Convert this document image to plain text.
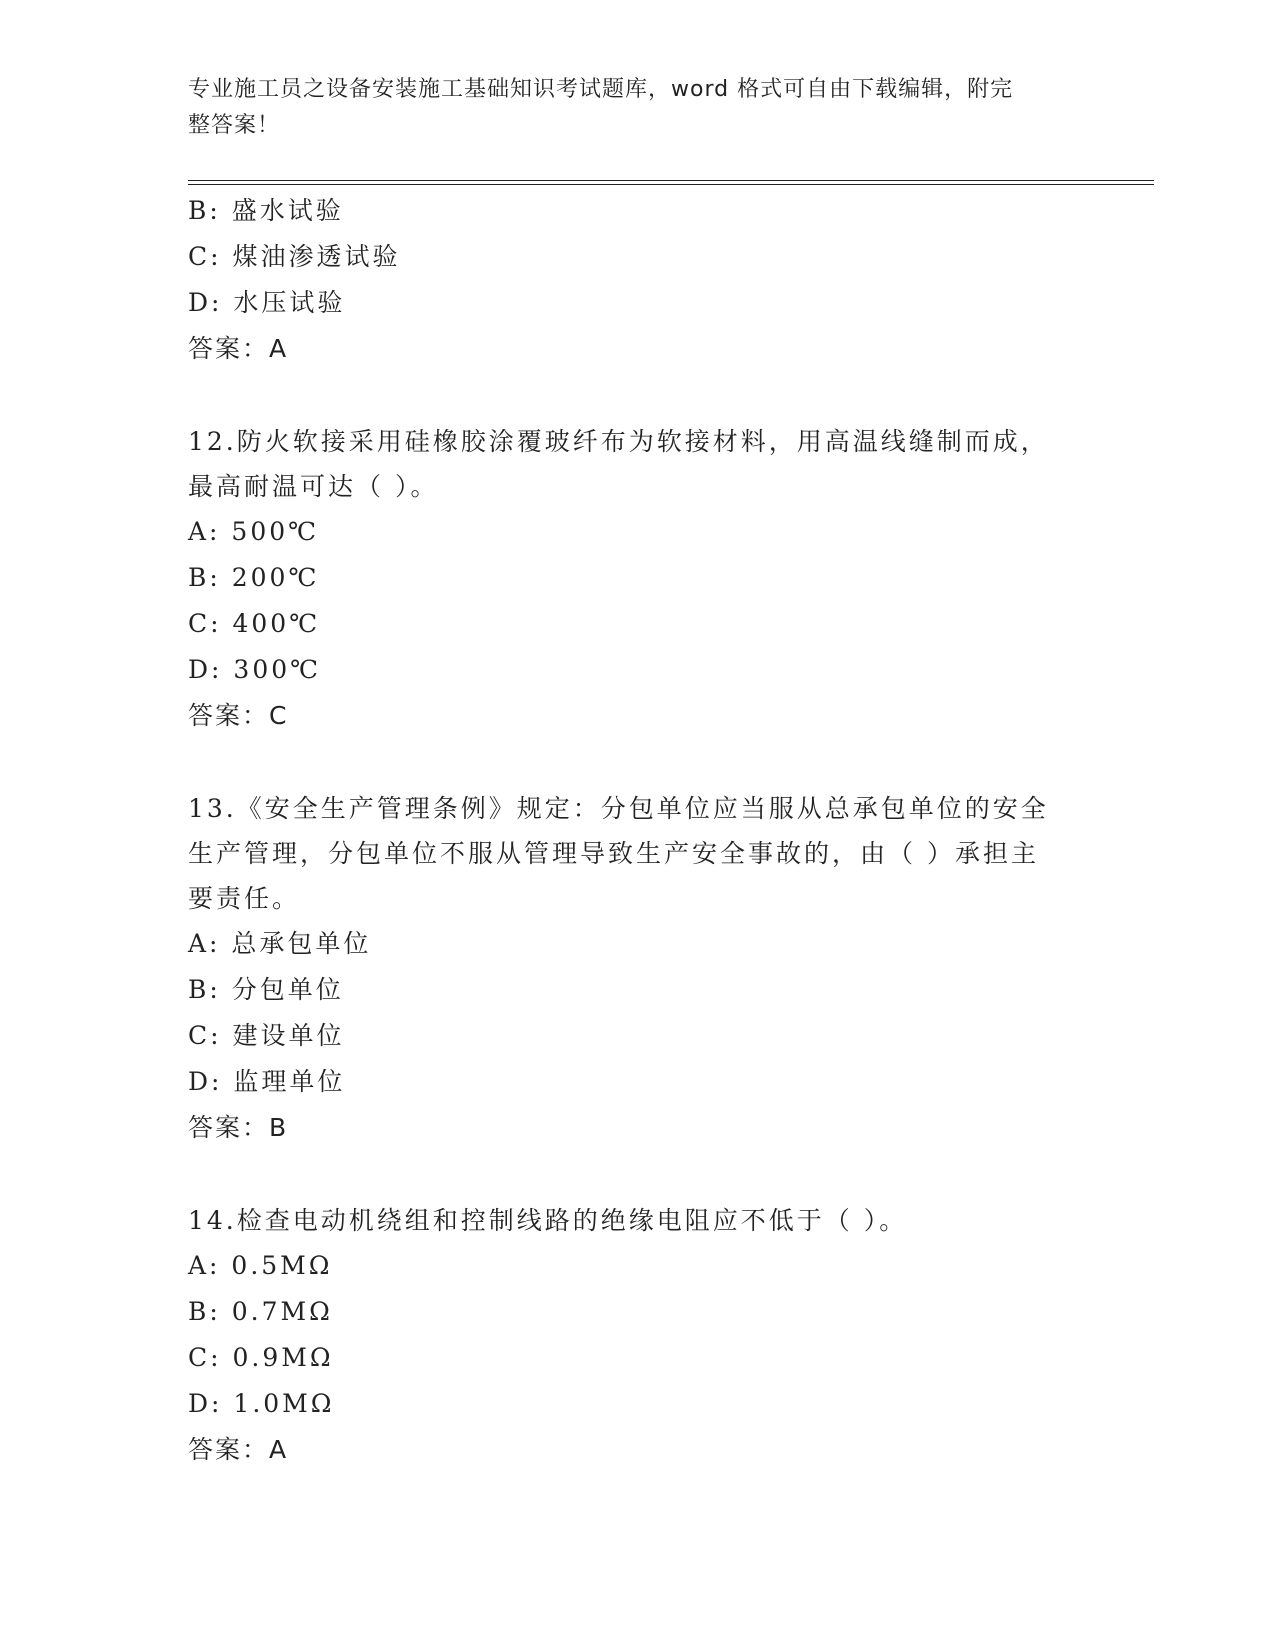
专业施工员之设备安装施工基础知识考试题库，word 格式可自由下载编辑，附完
整答案！
B: 盛水试验
C: 煤油渗透试验
D: 水压试验
答案：A
12.防火软接采用硅橡胶涂覆玻纤布为软接材料，用高温线缝制而成，
最高耐温可达（ ）。
A: 500℃
B: 200℃
C: 400℃
D: 300℃
答案：C
13.《安全生产管理条例》规定：分包单位应当服从总承包单位的安全
生产管理，分包单位不服从管理导致生产安全事故的，由（ ）承担主
要责任。
A: 总承包单位
B: 分包单位
C: 建设单位
D: 监理单位
答案：B
14.检查电动机绕组和控制线路的绝缘电阻应不低于（ ）。
A: 0.5MΩ
B: 0.7MΩ
C: 0.9MΩ
D: 1.0MΩ
答案：A
